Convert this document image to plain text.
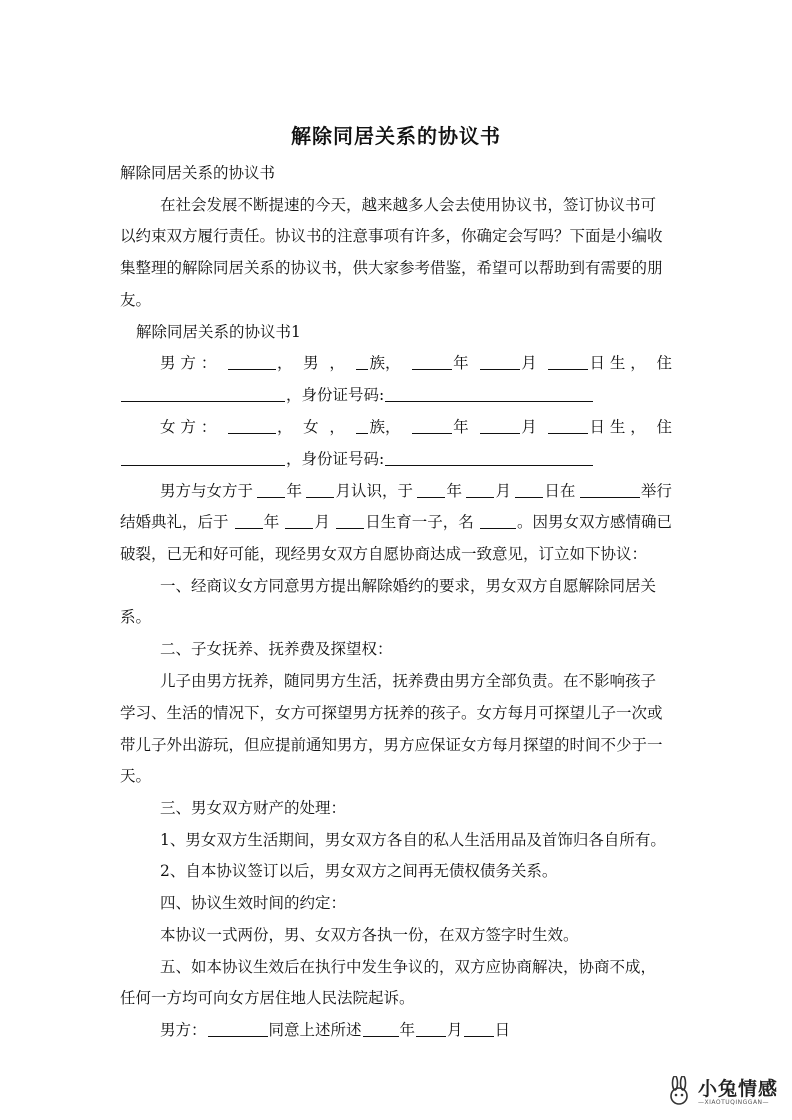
解除同居关系的协议书
解除同居关系的协议书
在社会发展不断提速的今天，越来越多人会去使用协议书，签订协议书可
以约束双方履行责任。协议书的注意事项有许多，你确定会写吗？下面是小编收
集整理的解除同居关系的协议书，供大家参考借鉴，希望可以帮助到有需要的朋
友。
解除同居关系的协议书1
男 方 ：	， 男 ，	族，	年	月	日 生 ， 住
，身份证号码:
女 方 ：	， 女 ，	族，	年	月	日 生 ， 住
，身份证号码:
男方与女方于	年	月认识，于	年	月	日在	举行
结婚典礼，后于	年	月	日生育一子，名	。因男女双方感情确已
破裂，已无和好可能，现经男女双方自愿协商达成一致意见，订立如下协议：
一、经商议女方同意男方提出解除婚约的要求，男女双方自愿解除同居关
系。
二、子女抚养、抚养费及探望权：
儿子由男方抚养，随同男方生活，抚养费由男方全部负责。在不影响孩子
学习、生活的情况下，女方可探望男方抚养的孩子。女方每月可探望儿子一次或
带儿子外出游玩，但应提前通知男方，男方应保证女方每月探望的时间不少于一
天。
三、男女双方财产的处理：
1、男女双方生活期间，男女双方各自的私人生活用品及首饰归各自所有。
2、自本协议签订以后，男女双方之间再无债权债务关系。
四、协议生效时间的约定：
本协议一式两份，男、女双方各执一份，在双方签字时生效。
五、如本协议生效后在执行中发生争议的，双方应协商解决，协商不成，
任何一方均可向女方居住地人民法院起诉。
男方：	同意上述所述 年 月 日
小兔情感
—XIAOTUQINGGAN—
